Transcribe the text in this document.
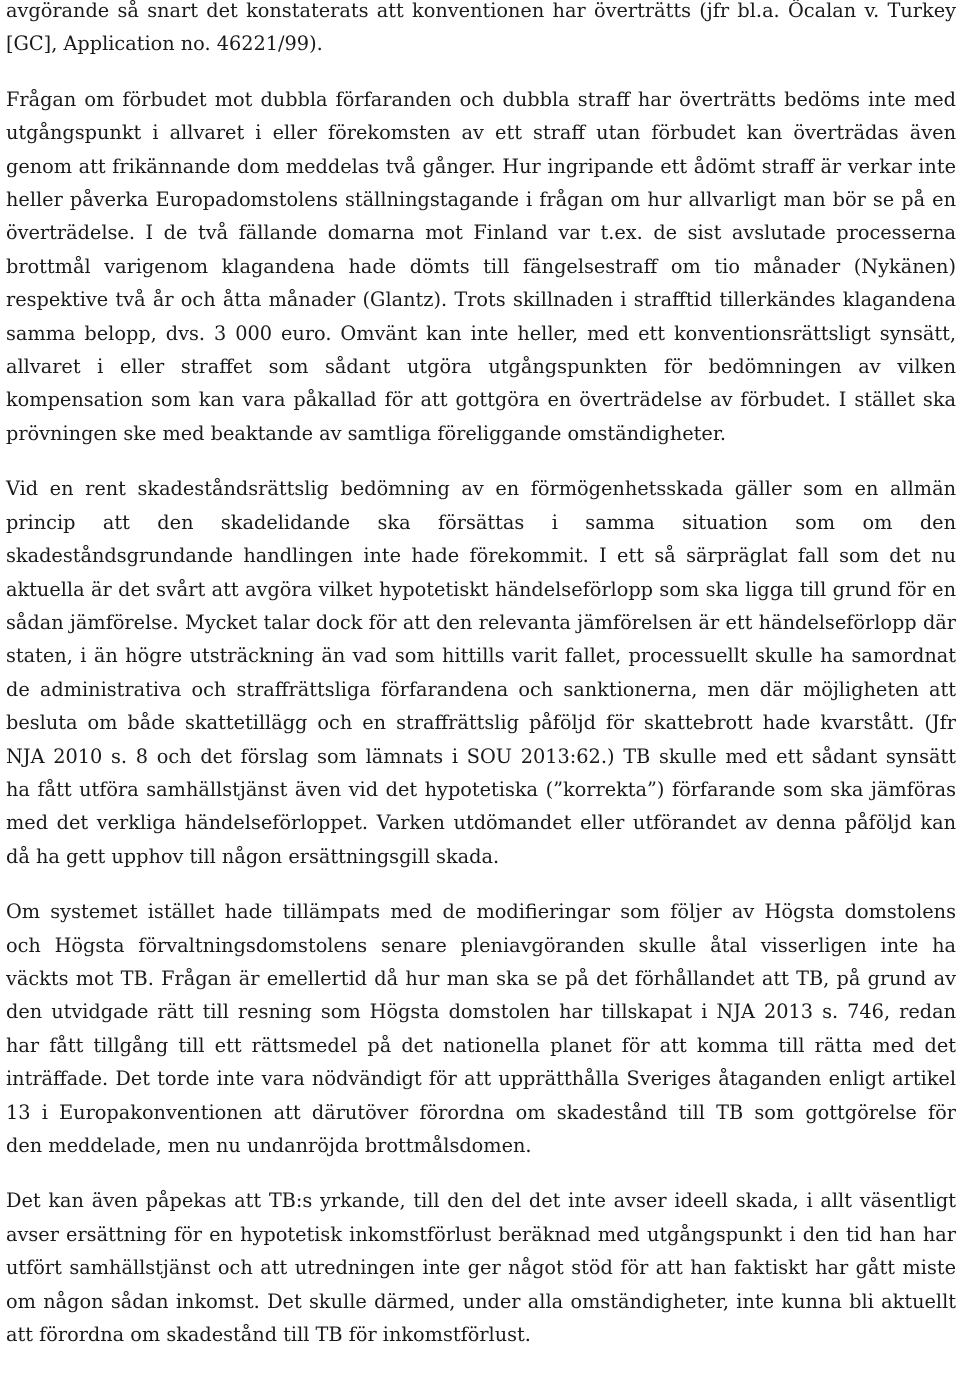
avgörande så snart det konstaterats att konventionen har överträtts (jfr bl.a. Öcalan v. Turkey
[GC], Application no. 46221/99).
Frågan om förbudet mot dubbla förfaranden och dubbla straff har överträtts bedöms inte med
utgångspunkt i allvaret i eller förekomsten av ett straff utan förbudet kan överträdas även
genom att frikännande dom meddelas två gånger. Hur ingripande ett ådömt straff är verkar inte
heller påverka Europadomstolens ställningstagande i frågan om hur allvarligt man bör se på en
överträdelse. I de två fällande domarna mot Finland var t.ex. de sist avslutade processerna
brottmål varigenom klagandena hade dömts till fängelsestraff om tio månader (Nykänen)
respektive två år och åtta månader (Glantz). Trots skillnaden i strafftid tillerkändes klagandena
samma belopp, dvs. 3 000 euro. Omvänt kan inte heller, med ett konventionsrättsligt synsätt,
allvaret i eller straffet som sådant utgöra utgångspunkten för bedömningen av vilken
kompensation som kan vara påkallad för att gottgöra en överträdelse av förbudet. I stället ska
prövningen ske med beaktande av samtliga föreliggande omständigheter.
Vid en rent skadeståndsrättslig bedömning av en förmögenhetsskada gäller som en allmän
princip att den skadelidande ska försättas i samma situation som om den
skadeståndsgrundande handlingen inte hade förekommit. I ett så särpräglat fall som det nu
aktuella är det svårt att avgöra vilket hypotetiskt händelseförlopp som ska ligga till grund för en
sådan jämförelse. Mycket talar dock för att den relevanta jämförelsen är ett händelseförlopp där
staten, i än högre utsträckning än vad som hittills varit fallet, processuellt skulle ha samordnat
de administrativa och straffrättsliga förfarandena och sanktionerna, men där möjligheten att
besluta om både skattetillägg och en straffrättslig påföljd för skattebrott hade kvarstått. (Jfr
NJA 2010 s. 8 och det förslag som lämnats i SOU 2013:62.) TB skulle med ett sådant synsätt
ha fått utföra samhällstjänst även vid det hypotetiska (”korrekta”) förfarande som ska jämföras
med det verkliga händelseförloppet. Varken utdömandet eller utförandet av denna påföljd kan
då ha gett upphov till någon ersättningsgill skada.
Om systemet istället hade tillämpats med de modifieringar som följer av Högsta domstolens
och Högsta förvaltningsdomstolens senare pleniavgöranden skulle åtal visserligen inte ha
väckts mot TB. Frågan är emellertid då hur man ska se på det förhållandet att TB, på grund av
den utvidgade rätt till resning som Högsta domstolen har tillskapat i NJA 2013 s. 746, redan
har fått tillgång till ett rättsmedel på det nationella planet för att komma till rätta med det
inträffade. Det torde inte vara nödvändigt för att upprätthålla Sveriges åtaganden enligt artikel
13 i Europakonventionen att därutöver förordna om skadestånd till TB som gottgörelse för
den meddelade, men nu undanröjda brottmålsdomen.
Det kan även påpekas att TB:s yrkande, till den del det inte avser ideell skada, i allt väsentligt
avser ersättning för en hypotetisk inkomstförlust beräknad med utgångspunkt i den tid han har
utfört samhällstjänst och att utredningen inte ger något stöd för att han faktiskt har gått miste
om någon sådan inkomst. Det skulle därmed, under alla omständigheter, inte kunna bli aktuellt
att förordna om skadestånd till TB för inkomstförlust.
